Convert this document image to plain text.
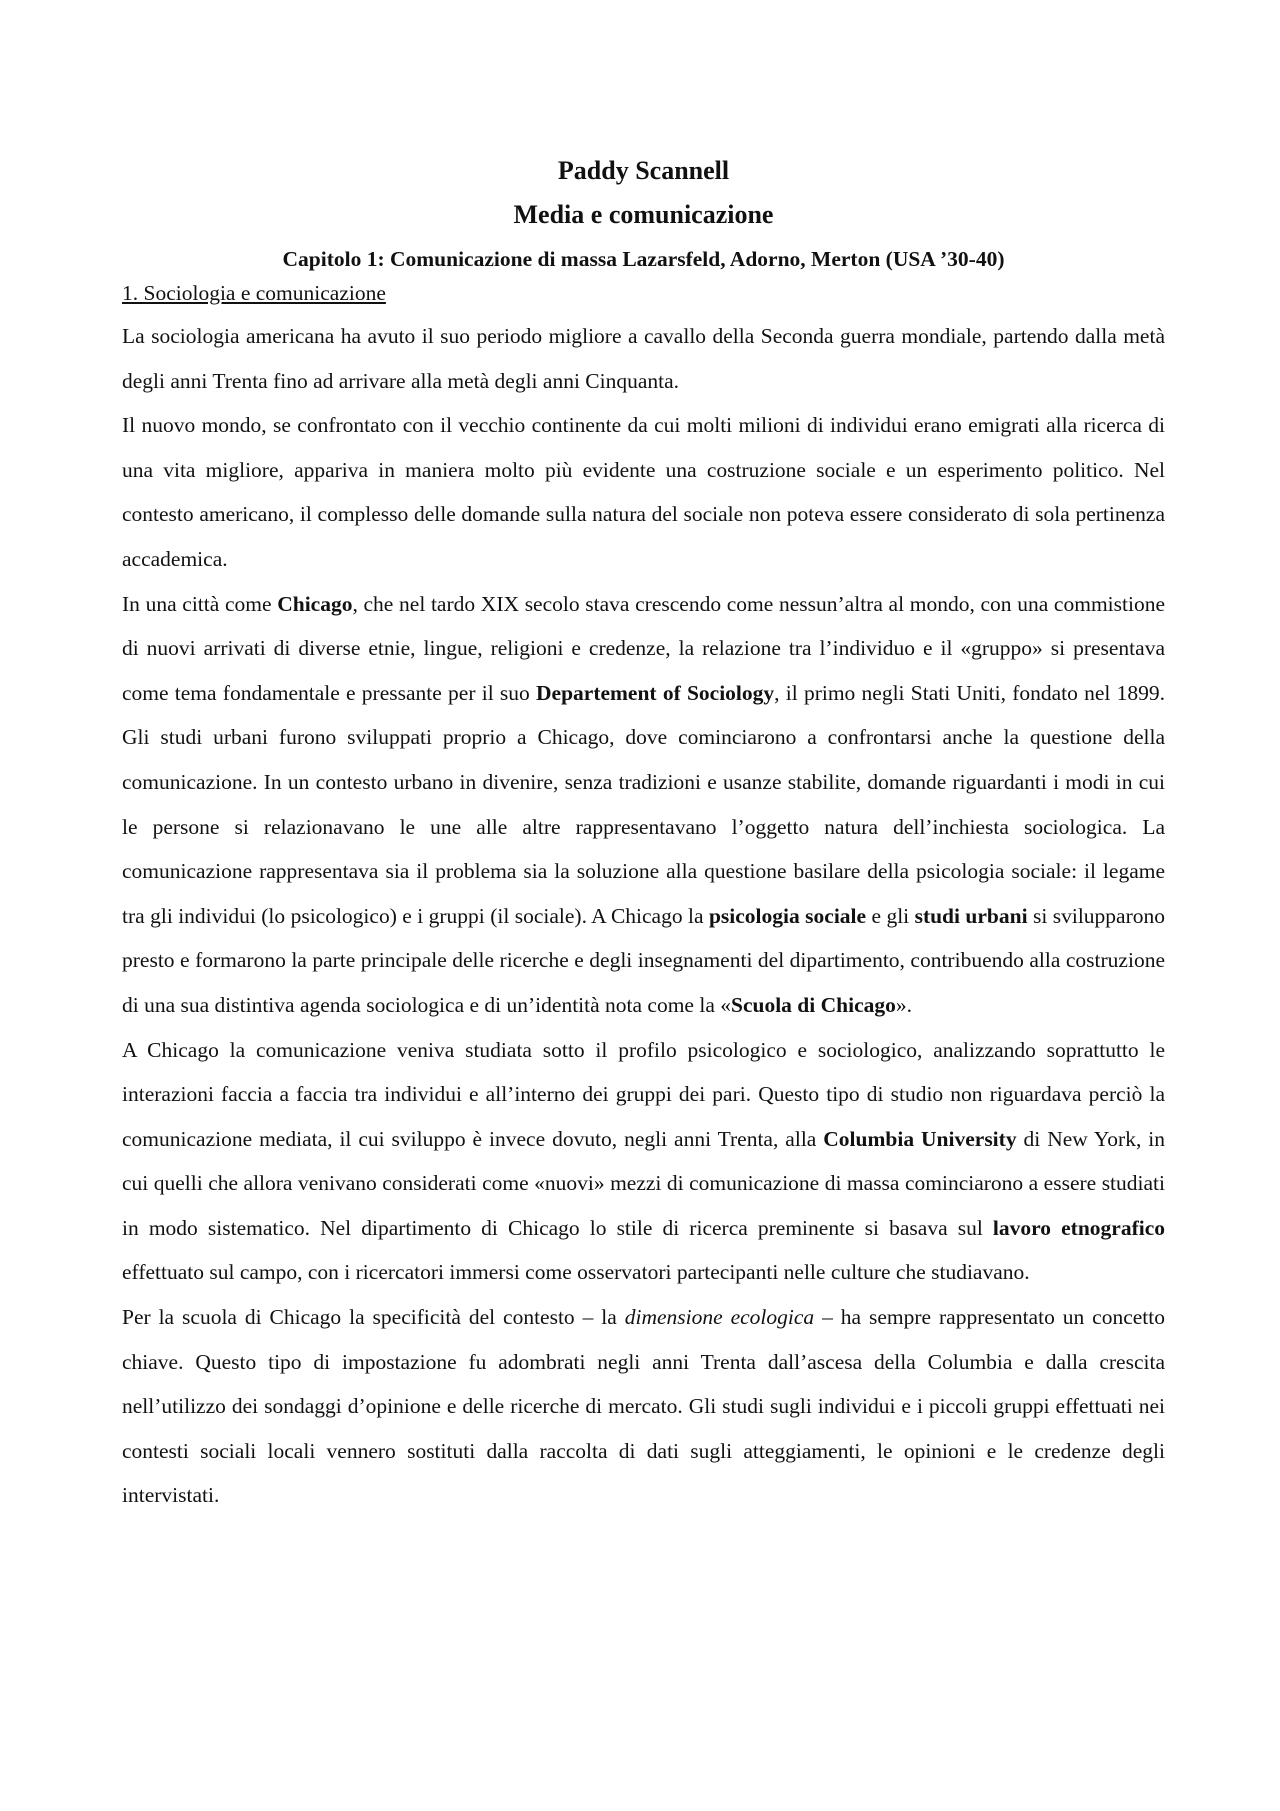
Paddy Scannell
Media e comunicazione
Capitolo 1: Comunicazione di massa Lazarsfeld, Adorno, Merton (USA ’30-40)
1. Sociologia e comunicazione

La sociologia americana ha avuto il suo periodo migliore a cavallo della Seconda guerra mondiale, partendo dalla metà degli anni Trenta fino ad arrivare alla metà degli anni Cinquanta.

Il nuovo mondo, se confrontato con il vecchio continente da cui molti milioni di individui erano emigrati alla ricerca di una vita migliore, appariva in maniera molto più evidente una costruzione sociale e un esperimento politico. Nel contesto americano, il complesso delle domande sulla natura del sociale non poteva essere considerato di sola pertinenza accademica.

In una città come Chicago, che nel tardo XIX secolo stava crescendo come nessun’altra al mondo, con una commistione di nuovi arrivati di diverse etnie, lingue, religioni e credenze, la relazione tra l’individuo e il «gruppo» si presentava come tema fondamentale e pressante per il suo Departement of Sociology, il primo negli Stati Uniti, fondato nel 1899. Gli studi urbani furono sviluppati proprio a Chicago, dove cominciarono a confrontarsi anche la questione della comunicazione. In un contesto urbano in divenire, senza tradizioni e usanze stabilite, domande riguardanti i modi in cui le persone si relazionavano le une alle altre rappresentavano l’oggetto natura dell’inchiesta sociologica. La comunicazione rappresentava sia il problema sia la soluzione alla questione basilare della psicologia sociale: il legame tra gli individui (lo psicologico) e i gruppi (il sociale). A Chicago la psicologia sociale e gli studi urbani si svilupparono presto e formarono la parte principale delle ricerche e degli insegnamenti del dipartimento, contribuendo alla costruzione di una sua distintiva agenda sociologica e di un’identità nota come la «Scuola di Chicago».

A Chicago la comunicazione veniva studiata sotto il profilo psicologico e sociologico, analizzando soprattutto le interazioni faccia a faccia tra individui e all’interno dei gruppi dei pari. Questo tipo di studio non riguardava perciò la comunicazione mediata, il cui sviluppo è invece dovuto, negli anni Trenta, alla Columbia University di New York, in cui quelli che allora venivano considerati come «nuovi» mezzi di comunicazione di massa cominciarono a essere studiati in modo sistematico. Nel dipartimento di Chicago lo stile di ricerca preminente si basava sul lavoro etnografico effettuato sul campo, con i ricercatori immersi come osservatori partecipanti nelle culture che studiavano.

Per la scuola di Chicago la specificità del contesto – la dimensione ecologica – ha sempre rappresentato un concetto chiave. Questo tipo di impostazione fu adombrati negli anni Trenta dall’ascesa della Columbia e dalla crescita nell’utilizzo dei sondaggi d’opinione e delle ricerche di mercato. Gli studi sugli individui e i piccoli gruppi effettuati nei contesti sociali locali vennero sostituti dalla raccolta di dati sugli atteggiamenti, le opinioni e le credenze degli intervistati.
